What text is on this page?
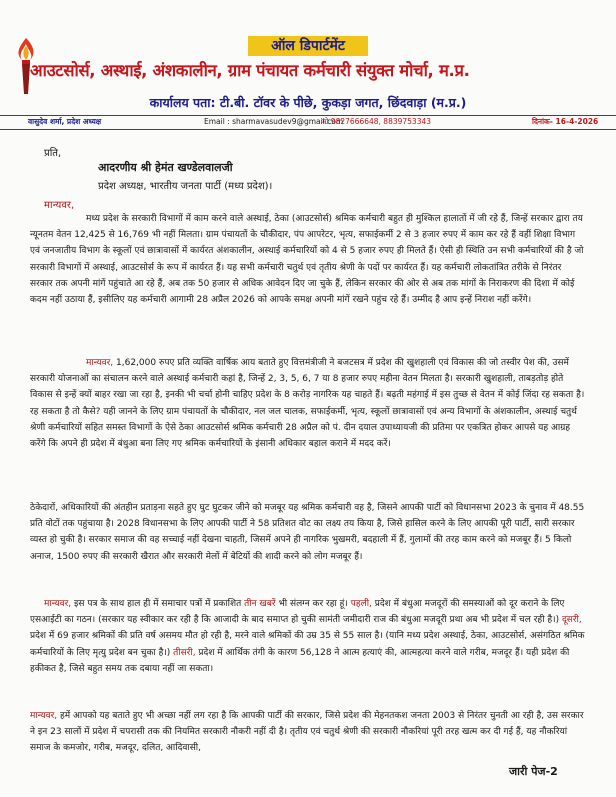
ऑल डिपार्टमेंट
आउटसोर्स, अस्थाई, अंशकालीन, ग्राम पंचायत कर्मचारी संयुक्त मोर्चा, म.प्र.
कार्यालय पता: टी.बी. टॉवर के पीछे, कुकड़ा जगत, छिंदवाड़ा (म.प्र.)
वासुदेव शर्मा, प्रदेश अध्यक्ष	Email : sharmavasudev9@gmail.com
मो.9827666648, 8839753343	दिनांक- 16-4-2026
प्रति,
आदरणीय श्री हेमंत खण्डेलवालजी
प्रदेश अध्यक्ष, भारतीय जनता पार्टी (मध्य प्रदेश)।
मान्यवर,
मध्य प्रदेश के सरकारी विभागों में काम करने वाले अस्थाई, ठेका (आउटसोर्स) श्रमिक कर्मचारी बहुत ही मुश्किल हालातों में जी रहे हैं, जिन्हें सरकार द्वारा तय न्यूनतम वेतन 12,425 से 16,769 भी नहीं मिलता। ग्राम पंचायतों के चौकीदार, पंप आपरेटर, भृत्य, सफाईकर्मी 2 से 3 हजार रुपए में काम कर रहे हैं वहीं शिक्षा विभाग एवं जनजातीय विभाग के स्कूलों एवं छात्रावासों में कार्यरत अंशकालीन, अस्थाई कर्मचारियों को 4 से 5 हजार रुपए ही मिलते हैं। ऐसी ही स्थिति उन सभी कर्मचारियों की है जो सरकारी विभागों में अस्थाई, आउटसोर्स के रूप में कार्यरत हैं। यह सभी कर्मचारी चतुर्थ एवं तृतीय श्रेणी के पदों पर कार्यरत हैं। यह कर्मचारी लोकतांत्रित तरीके से निरंतर सरकार तक अपनी मांगें पहुंचाते आ रहे हैं, अब तक 50 हजार से अधिक आवेदन दिए जा चुके हैं, लेकिन सरकार की ओर से अब तक मांगों के निराकरण की दिशा में कोई कदम नहीं उठाया हैं, इसीलिए यह कर्मचारी आगामी 28 अप्रैल 2026 को आपके समक्ष अपनी मांगें रखने पहुंच रहे हैं। उम्मीद है आप इन्हें निराश नहीं करेंगे।
मान्यवर, 1,62,000 रुपए प्रति व्यक्ति वार्षिक आय बताते हुए वित्तमंत्रीजी ने बजटसत्र में प्रदेश की खुशहाली एवं विकास की जो तस्वीर पेश की, उसमें सरकारी योजनाओं का संचालन करने वाले अस्थाई कर्मचारी कहां है, जिन्हें 2, 3, 5, 6, 7 या 8 हजार रुपए महीना वेतन मिलता है। सरकारी खुशहाली, ताबड़तोड़ होते विकास से इन्हें क्यों बाहर रखा जा रहा है, इनकी भी चर्चा होनी चाहिए प्रदेश के 8 करोड़ नागरिक यह चाहते हैं। बढ़ती महंगाई में इस तुच्छ से वेतन में कोई जिंदा रह सकता है। रह सकता है तो कैसे? यही जानने के लिए ग्राम पंचायतों के चौकीदार, नल जल चालक, सफाईकर्मी, भृत्य, स्कूलों छात्रावासों एवं अन्य विभागों के अंशकालीन, अस्थाई चतुर्थ श्रेणी कर्मचारियों सहित समस्त विभागों के ऐसे ठेका आउटसोर्स श्रमिक कर्मचारी 28 अप्रैल को पं. दीन दयाल उपाध्यायजी की प्रतिमा पर एकत्रित होकर आपसे यह आग्रह करेंगे कि अपने ही प्रदेश में बंधुआ बना लिए गए श्रमिक कर्मचारियों के इंसानी अधिकार बहाल कराने में मदद करें।
ठेकेदारों, अधिकारियों की अंतहीन प्रताड़ना सहते हुए घुट घुटकर जीने को मजबूर यह श्रमिक कर्मचारी वह है, जिसने आपकी पार्टी को विधानसभा 2023 के चुनाव में 48.55 प्रति वोटों तक पहुंचाया है। 2028 विधानसभा के लिए आपकी पार्टी ने 58 प्रतिशत वोट का लक्ष्य तय किया है, जिसे हासिल करने के लिए आपकी पूरी पार्टी, सारी सरकार व्यस्त हो चुकी है। सरकार समाज की वह सच्चाई नहीं देखना चाहती, जिसमें अपने ही नागरिक भुखमरी, बदहाली में हैं, गुलामों की तरह काम करने को मजबूर हैं। 5 किलो अनाज, 1500 रुपए की सरकारी खैरात और सरकारी मेलों में बेटियों की शादी करने को लोग मजबूर हैं।
मान्यवर, इस पत्र के साथ हाल ही में समाचार पत्रों में प्रकाशित तीन खबरें भी संलग्न कर रहा हूं। पहली, प्रदेश में बंधुआ मजदूरों की समस्याओं को दूर कराने के लिए एसआईटी का गठन। (सरकार यह स्वीकार कर रही है कि आजादी के बाद समाप्त हो चुकी सामंती जमीदारी राज की बंधुआ मजदूरी प्रथा अब भी प्रदेश में चल रही है।) दूसरी, प्रदेश में 69 हजार श्रमिकों की प्रति वर्ष असमय मौत हो रही है, मरने वाले श्रमिकों की उम्र 35 से 55 साल है। (यानि मध्य प्रदेश अस्थाई, ठेका, आउटसोर्स, असंगठित श्रमिक कर्मचारियों के लिए मृत्यु प्रदेश बन चुका है।) तीसरी, प्रदेश में आर्थिक तंगी के कारण 56,128 ने आत्म हत्याएं की, आत्महत्या करने वाले गरीब, मजदूर हैं। यही प्रदेश की हकीकत है, जिसे बहुत समय तक दबाया नहीं जा सकता।
मान्यवर, हमें आपको यह बताते हुए भी अच्छा नहीं लग रहा है कि आपकी पार्टी की सरकार, जिसे प्रदेश की मेहनतकश जनता 2003 से निरंतर चुनती आ रही है, उस सरकार ने इन 23 सालों में प्रदेश में चपरासी तक की नियमित सरकारी नौकरी नहीं दी है। तृतीय एवं चतुर्थ श्रेणी की सरकारी नौकरियां पूरी तरह खत्म कर दी गई हैं, यह नौकरियां समाज के कमजोर, गरीब, मजदूर, दलित, आदिवासी,
जारी पेज-2
